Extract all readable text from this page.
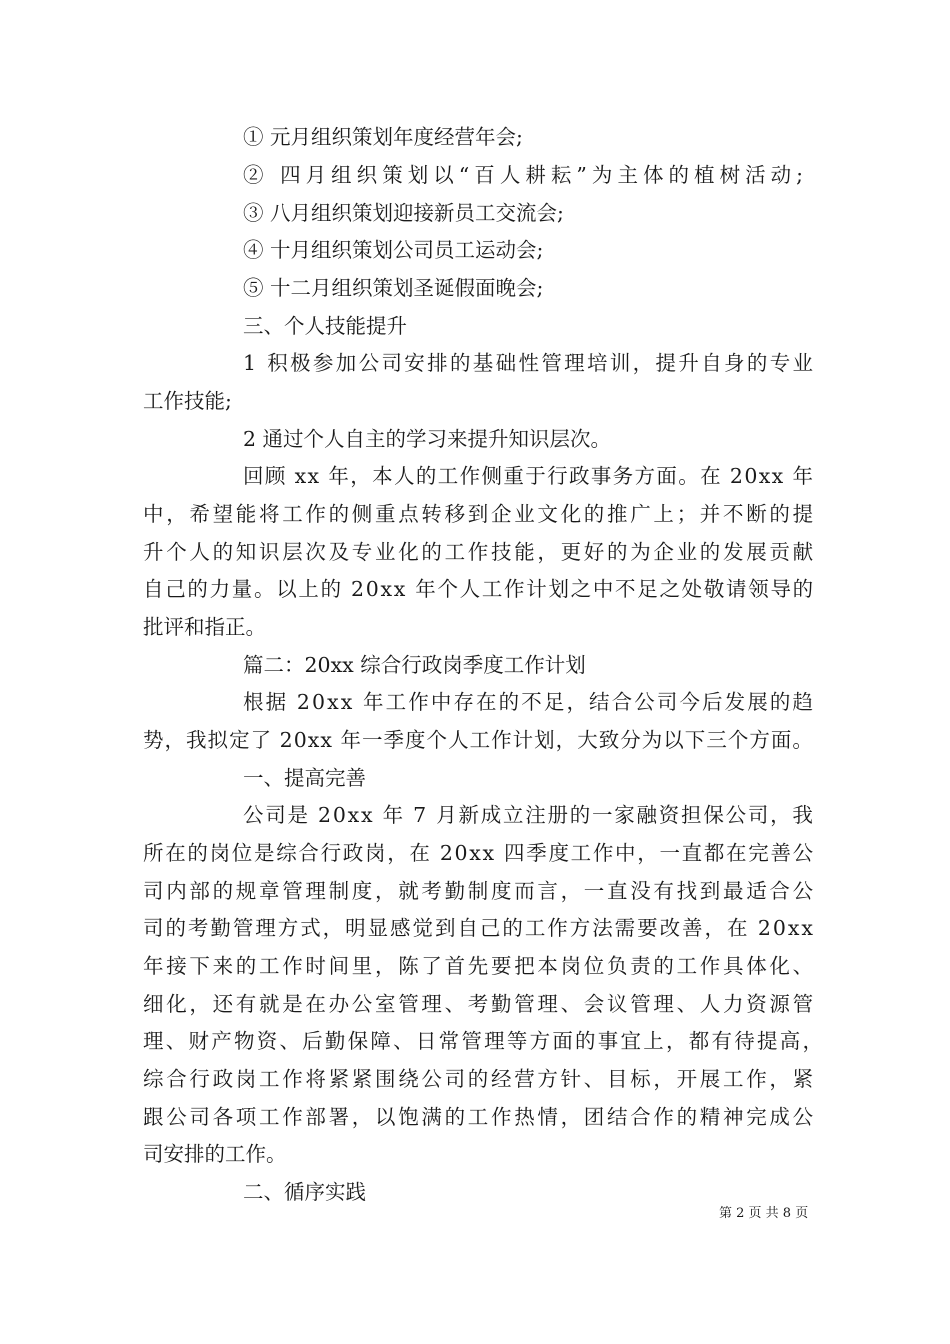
① 元月组织策划年度经营年会;
② 四月组织策划以“百人耕耘”为主体的植树活动;
③ 八月组织策划迎接新员工交流会;
④ 十月组织策划公司员工运动会;
⑤ 十二月组织策划圣诞假面晚会;
三、个人技能提升
1 积极参加公司安排的基础性管理培训，提升自身的专业
工作技能;
2 通过个人自主的学习来提升知识层次。
回顾 xx 年，本人的工作侧重于行政事务方面。在 20xx 年
中，希望能将工作的侧重点转移到企业文化的推广上；并不断的提
升个人的知识层次及专业化的工作技能，更好的为企业的发展贡献
自己的力量。以上的 20xx 年个人工作计划之中不足之处敬请领导的
批评和指正。
篇二：20xx 综合行政岗季度工作计划
根据 20xx 年工作中存在的不足，结合公司今后发展的趋
势，我拟定了 20xx 年一季度个人工作计划，大致分为以下三个方面。
一、提高完善
公司是 20xx 年 7 月新成立注册的一家融资担保公司，我
所在的岗位是综合行政岗，在 20xx 四季度工作中，一直都在完善公
司内部的规章管理制度，就考勤制度而言，一直没有找到最适合公
司的考勤管理方式，明显感觉到自己的工作方法需要改善，在 20xx
年接下来的工作时间里，陈了首先要把本岗位负责的工作具体化、
细化，还有就是在办公室管理、考勤管理、会议管理、人力资源管
理、财产物资、后勤保障、日常管理等方面的事宜上，都有待提高，
综合行政岗工作将紧紧围绕公司的经营方针、目标，开展工作，紧
跟公司各项工作部署，以饱满的工作热情，团结合作的精神完成公
司安排的工作。
二、循序实践
第 2 页 共 8 页
